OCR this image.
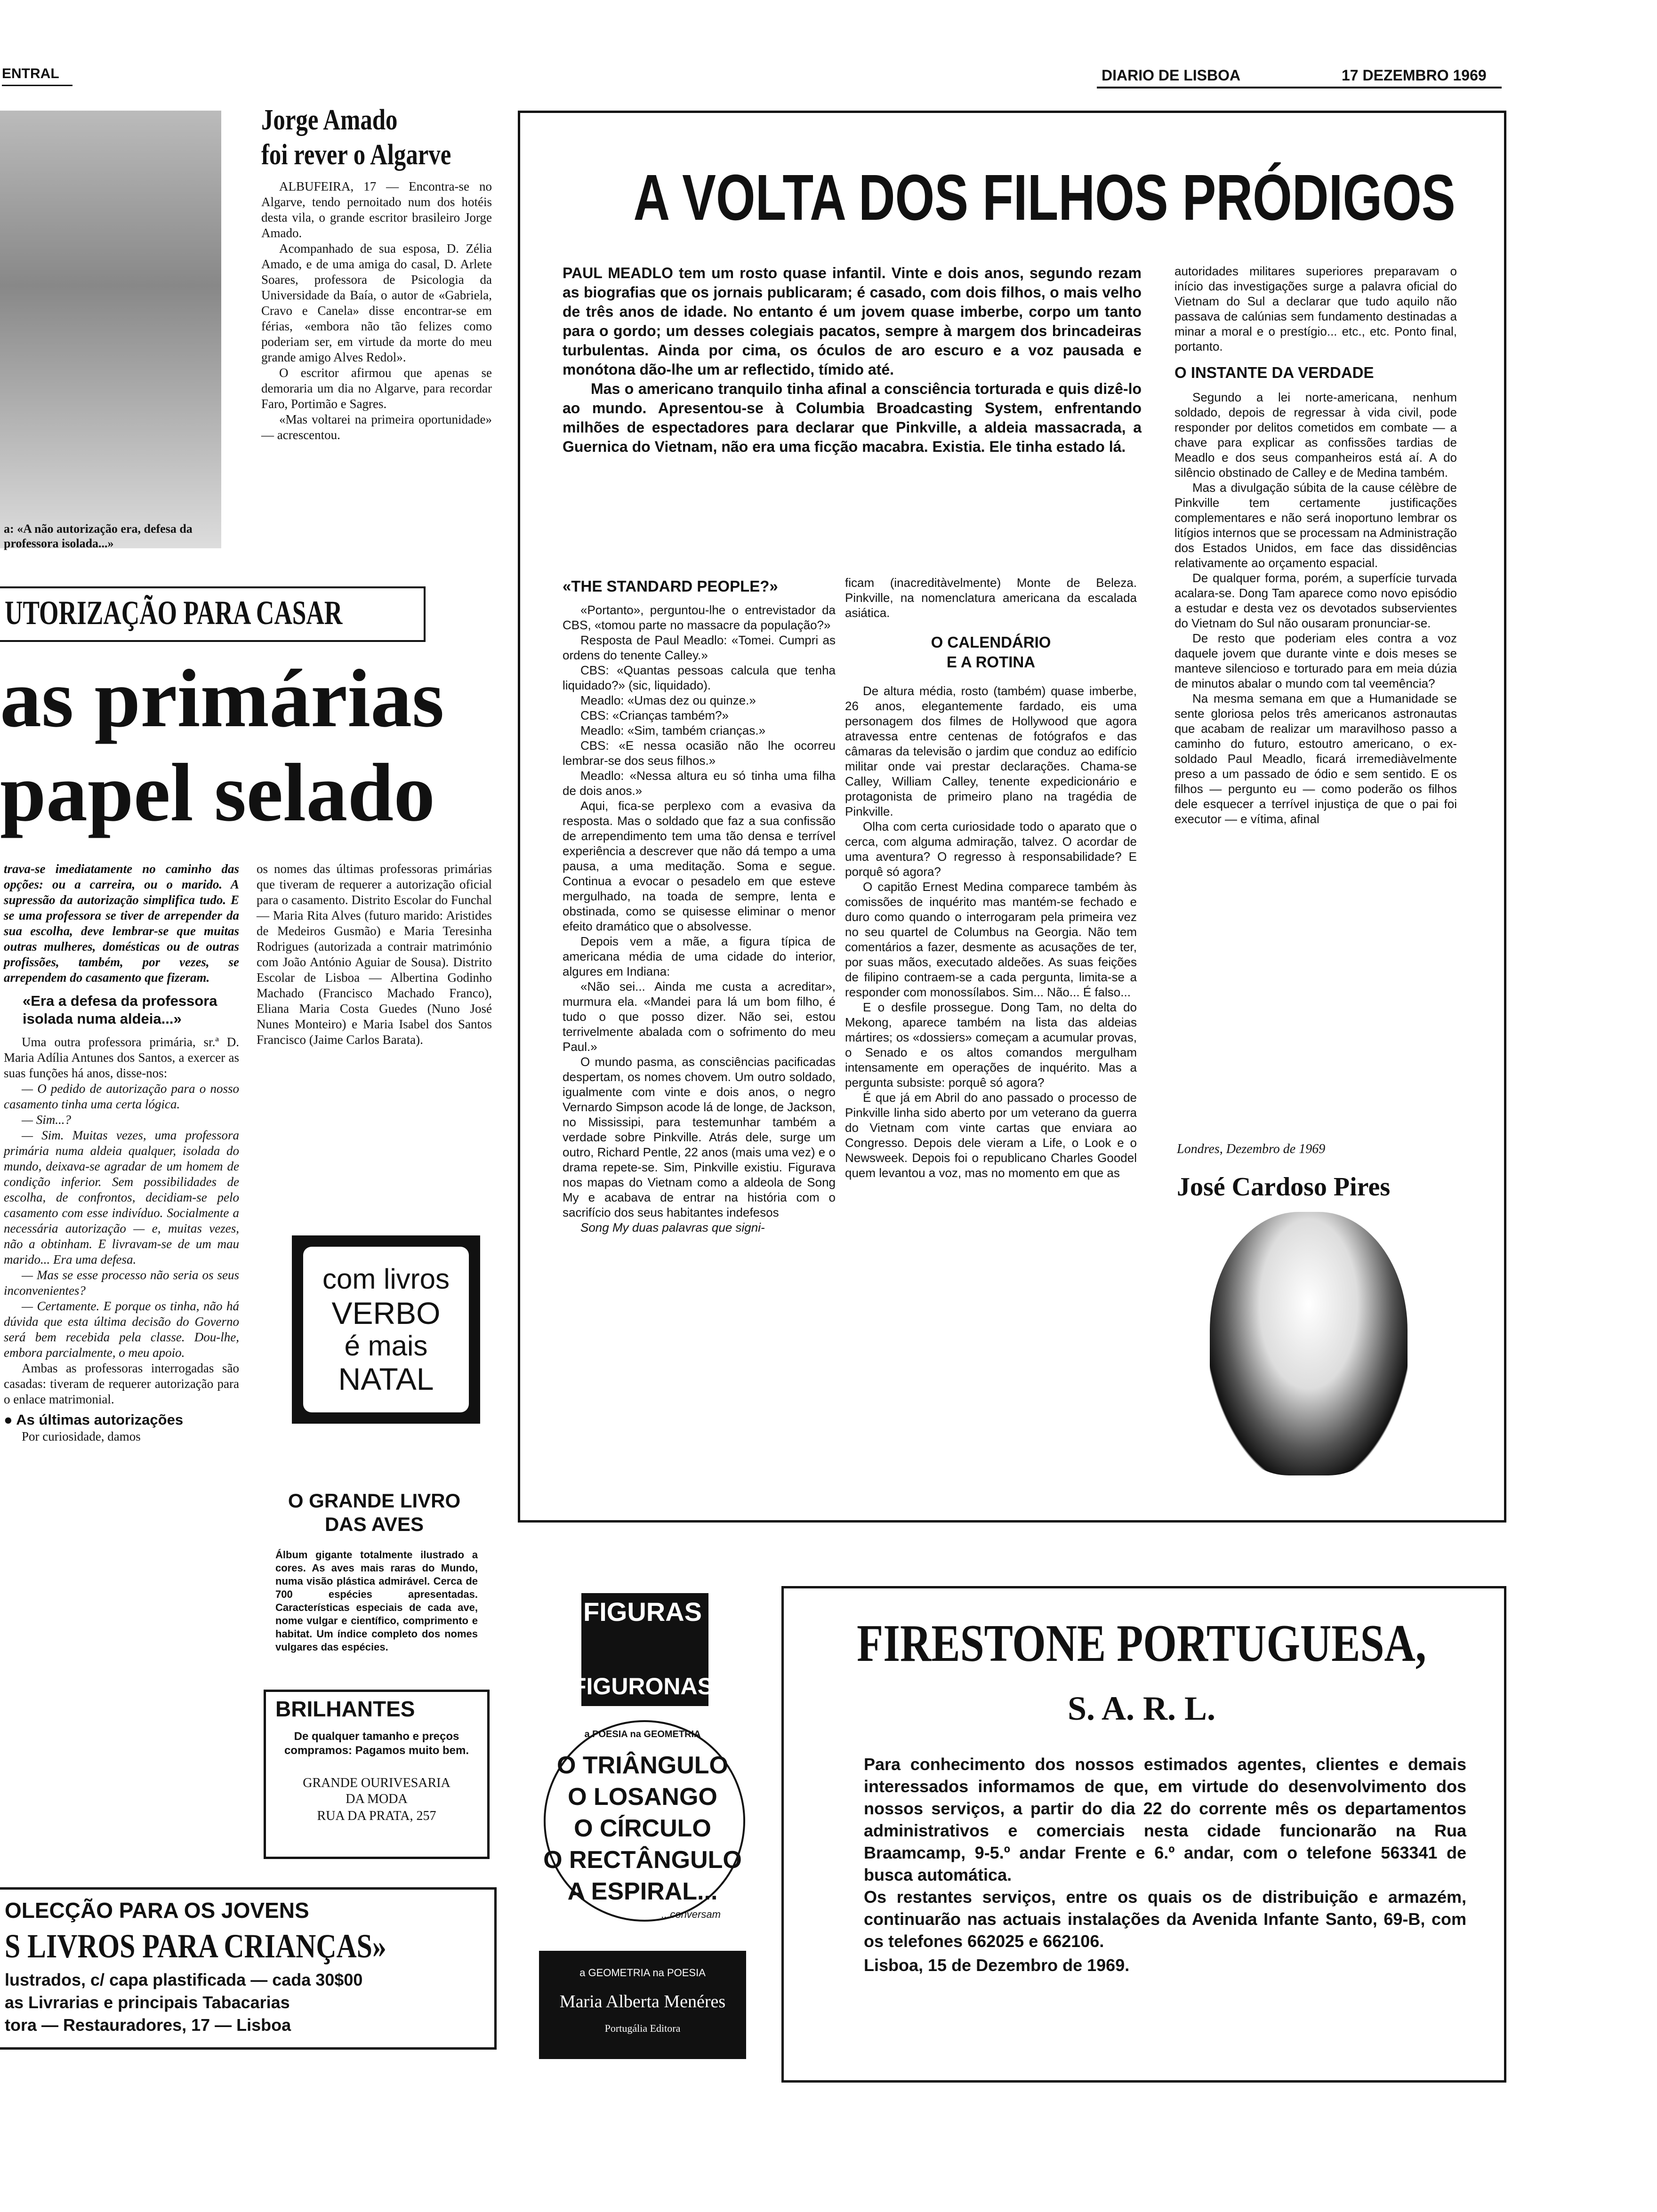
ENTRAL	DIARIO DE LISBOA	17 DEZEMBRO 1969
a: «A não autorização era, defesa da professora isolada...»
Jorge Amado
foi rever o Algarve

ALBUFEIRA, 17 — Encontra-se no Algarve, tendo pernoitado num dos hotéis desta vila, o grande escritor brasileiro Jorge Amado.

Acompanhado de sua esposa, D. Zélia Amado, e de uma amiga do casal, D. Arlete Soares, professora de Psicologia da Universidade da Baía, o autor de «Gabriela, Cravo e Canela» disse encontrar-se em férias, «embora não tão felizes como poderiam ser, em virtude da morte do meu grande amigo Alves Redol».

O escritor afirmou que apenas se demoraria um dia no Algarve, para recordar Faro, Portimão e Sagres.

«Mas voltarei na primeira oportunidade» — acrescentou.

UTORIZAÇÃO PARA CASAR
as primárias
papel selado

trava-se imediatamente no caminho das opções: ou a carreira, ou o marido. A supressão da autorização simplifica tudo. E se uma professora se tiver de arrepender da sua escolha, deve lembrar-se que muitas outras mulheres, domésticas ou de outras profissões, também, por vezes, se arrependem do casamento que fizeram.

«Era a defesa da professora isolada numa aldeia...»

Uma outra professora primária, sr.ª D. Maria Adília Antunes dos Santos, a exercer as suas funções há anos, disse-nos:

— O pedido de autorização para o nosso casamento tinha uma certa lógica.

— Sim...?

— Sim. Muitas vezes, uma professora primária numa aldeia qualquer, isolada do mundo, deixava-se agradar de um homem de condição inferior. Sem possibilidades de escolha, de confrontos, decidiam-se pelo casamento com esse indivíduo. Socialmente a necessária autorização — e, muitas vezes, não a obtinham. E livravam-se de um mau marido... Era uma defesa.

— Mas se esse processo não seria os seus inconvenientes?

— Certamente. E porque os tinha, não há dúvida que esta última decisão do Governo será bem recebida pela classe. Dou-lhe, embora parcialmente, o meu apoio.

Ambas as professoras interrogadas são casadas: tiveram de requerer autorização para o enlace matrimonial.

● As últimas autorizações

Por curiosidade, damos

os nomes das últimas professoras primárias que tiveram de requerer a autorização oficial para o casamento. Distrito Escolar do Funchal — Maria Rita Alves (futuro marido: Aristides de Medeiros Gusmão) e Maria Teresinha Rodrigues (autorizada a contrair matrimónio com João António Aguiar de Sousa). Distrito Escolar de Lisboa — Albertina Godinho Machado (Francisco Machado Franco), Eliana Maria Costa Guedes (Nuno José Nunes Monteiro) e Maria Isabel dos Santos Francisco (Jaime Carlos Barata).

com livros
VERBO
é mais
NATAL
O GRANDE LIVRO
DAS AVES
Álbum gigante totalmente ilustrado a cores. As aves mais raras do Mundo, numa visão plástica admirável. Cerca de 700 espécies apresentadas. Características especiais de cada ave, nome vulgar e científico, comprimento e habitat. Um índice completo dos nomes vulgares das espécies.
BRILHANTES
De qualquer tamanho e preços compramos: Pagamos muito bem.
GRANDE OURIVESARIA
DA MODA
RUA DA PRATA, 257
OLECÇÃO PARA OS JOVENS
S LIVROS PARA CRIANÇAS»
lustrados, c/ capa plastificada — cada 30$00
as Livrarias e principais Tabacarias
tora — Restauradores, 17 — Lisboa
A VOLTA DOS FILHOS PRÓDIGOS
PAUL MEADLO tem um rosto quase infantil. Vinte e dois anos, segundo rezam as biografias que os jornais publicaram; é casado, com dois filhos, o mais velho de três anos de idade. No entanto é um jovem quase imberbe, corpo um tanto para o gordo; um desses colegiais pacatos, sempre à margem dos brincadeiras turbulentas. Ainda por cima, os óculos de aro escuro e a voz pausada e monótona dão-lhe um ar reflectido, tímido até.
Mas o americano tranquilo tinha afinal a consciência torturada e quis dizê-lo ao mundo. Apresentou-se à Columbia Broadcasting System, enfrentando milhões de espectadores para declarar que Pinkville, a aldeia massacrada, a Guernica do Vietnam, não era uma ficção macabra. Existia. Ele tinha estado lá.
«THE STANDARD PEOPLE?»
«Portanto», perguntou-lhe o entrevistador da CBS, «tomou parte no massacre da população?»
Resposta de Paul Meadlo: «Tomei. Cumpri as ordens do tenente Calley.»
CBS: «Quantas pessoas calcula que tenha liquidado?» (sic, liquidado).
Meadlo: «Umas dez ou quinze.»
CBS: «Crianças também?»
Meadlo: «Sim, também crianças.»
CBS: «E nessa ocasião não lhe ocorreu lembrar-se dos seus filhos.»
Meadlo: «Nessa altura eu só tinha uma filha de dois anos.»
Aqui, fica-se perplexo com a evasiva da resposta. Mas o soldado que faz a sua confissão de arrependimento tem uma tão densa e terrível experiência a descrever que não dá tempo a uma pausa, a uma meditação. Soma e segue. Continua a evocar o pesadelo em que esteve mergulhado, na toada de sempre, lenta e obstinada, como se quisesse eliminar o menor efeito dramático que o absolvesse.
Depois vem a mãe, a figura típica de americana média de uma cidade do interior, algures em Indiana:
«Não sei... Ainda me custa a acreditar», murmura ela. «Mandei para lá um bom filho, é tudo o que posso dizer. Não sei, estou terrivelmente abalada com o sofrimento do meu Paul.»
O mundo pasma, as consciências pacificadas despertam, os nomes chovem. Um outro soldado, igualmente com vinte e dois anos, o negro Vernardo Simpson acode lá de longe, de Jackson, no Mississipi, para testemunhar também a verdade sobre Pinkville. Atrás dele, surge um outro, Richard Pentle, 22 anos (mais uma vez) e o drama repete-se. Sim, Pinkville existiu. Figurava nos mapas do Vietnam como a aldeola de Song My e acabava de entrar na história com o sacrifício dos seus habitantes indefesos
Song My duas palavras que signi-
ficam (inacreditàvelmente) Monte de Beleza. Pinkville, na nomenclatura americana da escalada asiática.
O CALENDÁRIO
E A ROTINA
De altura média, rosto (também) quase imberbe, 26 anos, elegantemente fardado, eis uma personagem dos filmes de Hollywood que agora atravessa entre centenas de fotógrafos e das câmaras da televisão o jardim que conduz ao edifício militar onde vai prestar declarações. Chama-se Calley, William Calley, tenente expedicionário e protagonista de primeiro plano na tragédia de Pinkville.
Olha com certa curiosidade todo o aparato que o cerca, com alguma admiração, talvez. O acordar de uma aventura? O regresso à responsabilidade? E porquê só agora?
O capitão Ernest Medina comparece também às comissões de inquérito mas mantém-se fechado e duro como quando o interrogaram pela primeira vez no seu quartel de Columbus na Georgia. Não tem comentários a fazer, desmente as acusações de ter, por suas mãos, executado aldeões. As suas feições de filipino contraem-se a cada pergunta, limita-se a responder com monossílabos. Sim... Não... É falso...
E o desfile prossegue. Dong Tam, no delta do Mekong, aparece também na lista das aldeias mártires; os «dossiers» começam a acumular provas, o Senado e os altos comandos mergulham intensamente em operações de inquérito. Mas a pergunta subsiste: porquê só agora?
É que já em Abril do ano passado o processo de Pinkville linha sido aberto por um veterano da guerra do Vietnam com vinte cartas que enviara ao Congresso. Depois dele vieram a Life, o Look e o Newsweek. Depois foi o republicano Charles Goodel quem levantou a voz, mas no momento em que as
autoridades militares superiores preparavam o início das investigações surge a palavra oficial do Vietnam do Sul a declarar que tudo aquilo não passava de calúnias sem fundamento destinadas a minar a moral e o prestígio... etc., etc. Ponto final, portanto.
O INSTANTE DA VERDADE
Segundo a lei norte-americana, nenhum soldado, depois de regressar à vida civil, pode responder por delitos cometidos em combate — a chave para explicar as confissões tardias de Meadlo e dos seus companheiros está aí. A do silêncio obstinado de Calley e de Medina também.
Mas a divulgação súbita de la cause célèbre de Pinkville tem certamente justificações complementares e não será inoportuno lembrar os litígios internos que se processam na Administração dos Estados Unidos, em face das dissidências relativamente ao orçamento espacial.
De qualquer forma, porém, a superfície turvada acalara-se. Dong Tam aparece como novo episódio a estudar e desta vez os devotados subservientes do Vietnam do Sul não ousaram pronunciar-se.
De resto que poderiam eles contra a voz daquele jovem que durante vinte e dois meses se manteve silencioso e torturado para em meia dúzia de minutos abalar o mundo com tal veemência?
Na mesma semana em que a Humanidade se sente gloriosa pelos três americanos astronautas que acabam de realizar um maravilhoso passo a caminho do futuro, estoutro americano, o ex-soldado Paul Meadlo, ficará irremediàvelmente preso a um passado de ódio e sem sentido. E os filhos — pergunto eu — como poderão os filhos dele esquecer a terrível injustiça de que o pai foi executor — e vítima, afinal
Londres, Dezembro de 1969
José Cardoso Pires
FIGURAS
FIGURONAS
a POESIA na GEOMETRIA
O TRIÂNGULO
O LOSANGO
O CÍRCULO
O RECTÂNGULO
A ESPIRAL...
...conversam
a GEOMETRIA na POESIA
Maria Alberta Menéres
Portugália Editora
FIRESTONE PORTUGUESA,
S. A. R. L.
Para conhecimento dos nossos estimados agentes, clientes e demais interessados informamos de que, em virtude do desenvolvimento dos nossos serviços, a partir do dia 22 do corrente mês os departamentos administrativos e comerciais nesta cidade funcionarão na Rua Braamcamp, 9-5.º andar Frente e 6.º andar, com o telefone 563341 de busca automática.
Os restantes serviços, entre os quais os de distribuição e armazém, continuarão nas actuais instalações da Avenida Infante Santo, 69-B, com os telefones 662025 e 662106.
Lisboa, 15 de Dezembro de 1969.
